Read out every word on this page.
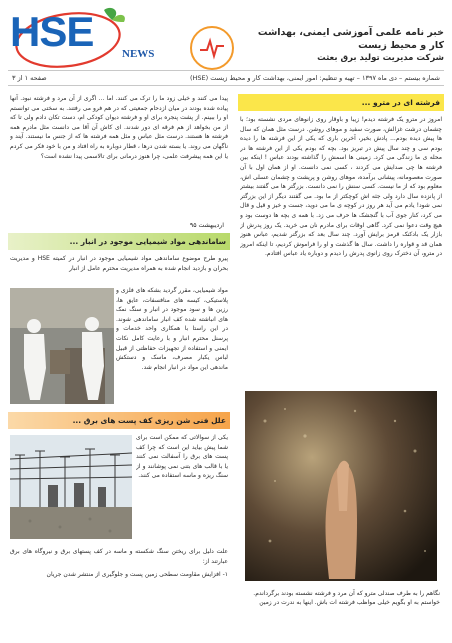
HSE	NEWS
خبر نامه علمی آموزشی ایمنی، بهداشت کار و محیط زیست
شرکت مدیریت تولید برق بعثت
شماره بیستم – دی ماه ۱۳۹۷ – تهیه و تنظیم: امور ایمنی، بهداشت کار و محیط زیست (HSE)
صفحه ۱ از ۳
فرشته ای در مترو ...
امروز در مترو یک فرشته دیدم! زیبا و باوقار روی زانوهای مردی نشسته بود؛ با چشمان درشت غزالش، صورت سفید و موهای روشن. درست مثل همان که سال ها پیش دیده بودم... پادش بخیر، آخرین باری که یکی از این فرشته ها را دیده بودم سی و چند سال پیش در تبریز بود. بچه که بودم یکی از این فرشته ها در محله ی ما زندگی می کرد. زمینی ها اسمش را گذاشته بودند عباس ! اینکه بین فرشته ها چی صدایش می کردند ، کسی نمی دانست. او از همان اول با آن صورت معصومانه، پیشانی برآمده، موهای روشن و پریشت و چشمان عسلی اش، معلوم بود که از ما نیست. کسی سنش را نمی دانست. بزرگتر ها می گفتند بیشتر از پانزده سال دارد ولی جثه اش کوچکتر از ما بود. می گفتند دیگر از این بزرگتر نمی شود! یادم می آید هر روز در کوچه ی ما می دوید، جست و خیز و قیل و قال می کرد، کنار جوی آب با گنجشک ها حرف می زد. با همه ی بچه ها دوست بود و هیچ وقت دعوا نمی کرد. گاهی اوقات برای مادرم نان می خرید. یک روز پدرش از بازار یک بادکنک قرمز برایش آورد. چند سال بعد که بزرگتر شدیم، عباس هنوز همان قد و قواره را داشت. سال ها گذشت و او را فراموش کردیم، تا اینکه امروز در مترو، آن دخترک روی زانوی پدرش را دیدم و دوباره یاد عباس افتادم.
نگاهم را به طرف صندلی مترو که آن مرد و فرشته نشسته بودند برگرداندم. خواستم به او بگویم خیلی مواظب فرشته ات باش. اینها به ندرت در زمین
پیدا می کنند و خیلی زود ما را ترک می کنند. اما ... اگری از آن مرد و فرشته نبود. آنها پیاده شده بودند در میان ازدحام جمعیتی که در هم فرو می رفتند. به سختی می توانستم او را ببینم. از پشت پنجره برای او و فرشته دیوان کودکی ام، دست تکان دادم ولی تا که از من بخواهد از هم فرقه ای دور شدند. ای کاش آن آقا می دانست مثل مادرم همه فرشته ها هستند. درست مثل عباس و مثل همه فرشته ها که از جنس ما نیستند. آیند و ناگهان می روند. یا بسته شدن درها ، قطار دوباره به راه افتاد و من با خود فکر می کردم یا این همه پیشرفت علمی، چرا هنوز درمانی برای تالاسمی پیدا نشده است؟
اردیبهشت ۹۵
ساماندهی مواد شیمیایی موجود در انبار ...
پیرو طرح موضوع ساماندهی مواد شیمیایی موجود در انبار در کمیته HSE و مدیریت بحران و بازدید انجام شده به همراه مدیریت محترم عامل از انبار
مواد شیمیایی، مقرر گردید بشکه های فلزی و پلاستیکی، کیسه های منافسفات، عایق ها، رزین ها و سود موجود در انبار و سنگ نمک های انباشته شده کف انبار ساماندهی شوند. در این راستا با همکاری واحد خدمات و پرسنل محترم انبار و با رعایت کامل نکات ایمنی و استفاده از تجهیزات حفاظتی از قبیل لباس یکبار مصرف، ماسک و دستکش ماندهی این مواد در انبار انجام شد.
علل فنی شن ریزی کف پست های برق ...
یکی از سوالاتی که ممکن است برای شما پیش بیاید این است که چرا کف پست های برق را آسفالت نمی کنند یا با قالب های بتنی نمی پوشانند و از سنگ ریزه و ماسه استفاده می کنند.
علت دلیل برای ریختن سنگ شکسته و ماسه در کف پستهای برق و نیروگاه های برق عبارتند از:
۱- افزایش مقاومت سطحی زمین پست و جلوگیری از منتشر شدن جریان
